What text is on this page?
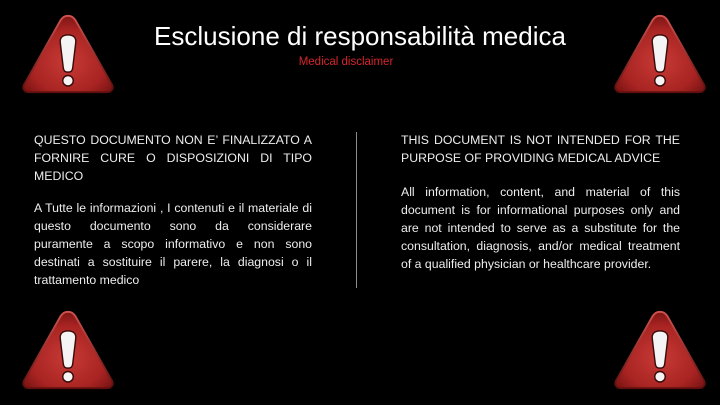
Esclusione di responsabilità medica
Medical disclaimer

QUESTO DOCUMENTO NON E’ FINALIZZATO A FORNIRE CURE O DISPOSIZIONI DI TIPO MEDICO

A Tutte le informazioni , I contenuti e il materiale di questo documento sono da considerare puramente a scopo informativo e non sono destinati a sostituire il parere, la diagnosi o il trattamento medico

THIS DOCUMENT IS NOT INTENDED FOR THE PURPOSE OF PROVIDING MEDICAL ADVICE

All information, content, and material of this document is for informational purposes only and are not intended to serve as a substitute for the consultation, diagnosis, and/or medical treatment of a qualified physician or healthcare provider.
